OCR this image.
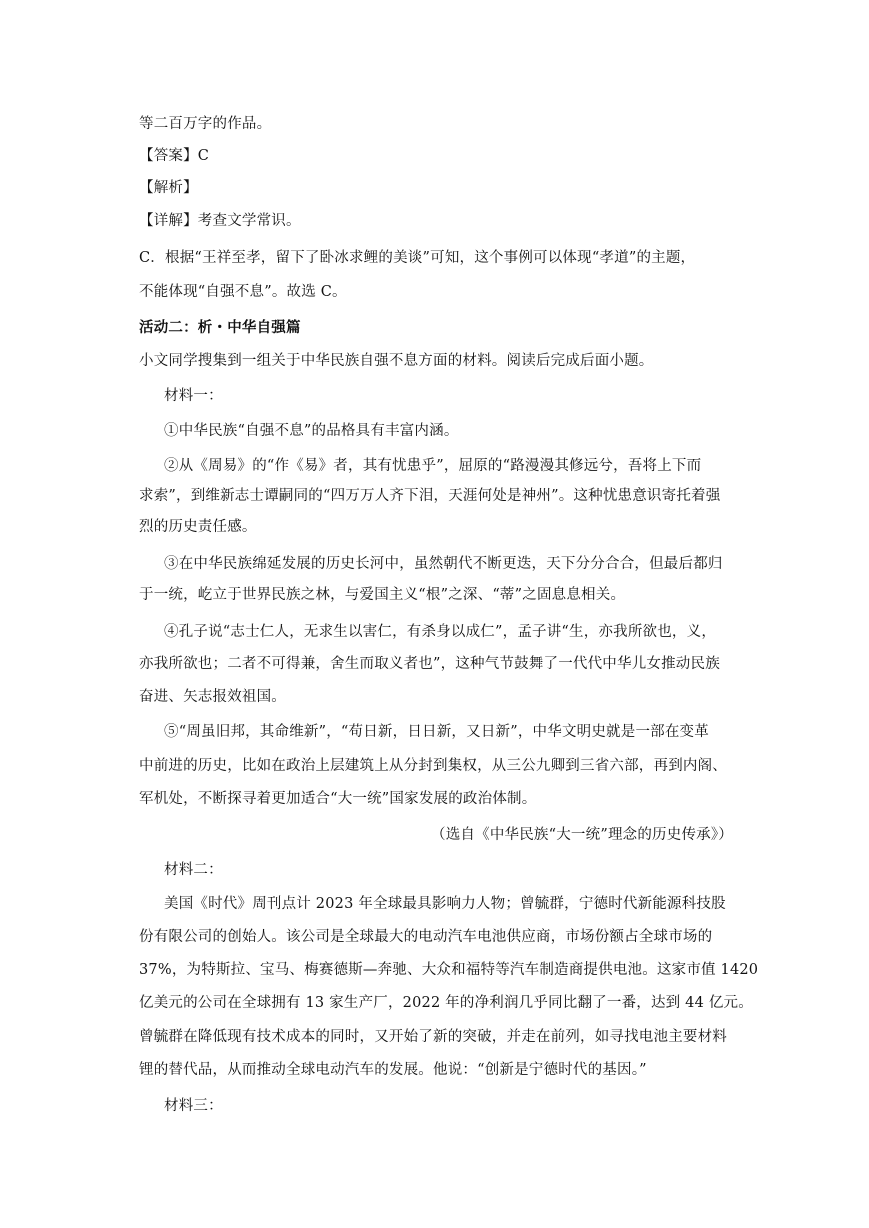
等二百万字的作品。
【答案】C
【解析】
【详解】考查文学常识。
C．根据“王祥至孝，留下了卧冰求鲤的美谈”可知，这个事例可以体现“孝道”的主题，
不能体现“自强不息”。故选 C。
活动二：析・中华自强篇
小文同学搜集到一组关于中华民族自强不息方面的材料。阅读后完成后面小题。
材料一：
①中华民族“自强不息”的品格具有丰富内涵。
②从《周易》的“作《易》者，其有忧患乎”，屈原的“路漫漫其修远兮，吾将上下而
求索”，到维新志士谭嗣同的“四万万人齐下泪，天涯何处是神州”。这种忧患意识寄托着强
烈的历史责任感。
③在中华民族绵延发展的历史长河中，虽然朝代不断更迭，天下分分合合，但最后都归
于一统，屹立于世界民族之林，与爱国主义“根”之深、“蒂”之固息息相关。
④孔子说“志士仁人，无求生以害仁，有杀身以成仁”，孟子讲“生，亦我所欲也，义，
亦我所欲也；二者不可得兼，舍生而取义者也”，这种气节鼓舞了一代代中华儿女推动民族
奋进、矢志报效祖国。
⑤“周虽旧邦，其命维新”，“苟日新，日日新，又日新”，中华文明史就是一部在变革
中前进的历史，比如在政治上层建筑上从分封到集权，从三公九卿到三省六部，再到内阁、
军机处，不断探寻着更加适合“大一统”国家发展的政治体制。
（选自《中华民族“大一统”理念的历史传承》）
材料二：
美国《时代》周刊点计 2023 年全球最具影响力人物；曾毓群，宁德时代新能源科技股
份有限公司的创始人。该公司是全球最大的电动汽车电池供应商，市场份额占全球市场的
37%，为特斯拉、宝马、梅赛德斯—奔驰、大众和福特等汽车制造商提供电池。这家市值 1420
亿美元的公司在全球拥有 13 家生产厂，2022 年的净利润几乎同比翻了一番，达到 44 亿元。
曾毓群在降低现有技术成本的同时，又开始了新的突破，并走在前列，如寻找电池主要材料
锂的替代品，从而推动全球电动汽车的发展。他说：“创新是宁德时代的基因。”
材料三：
